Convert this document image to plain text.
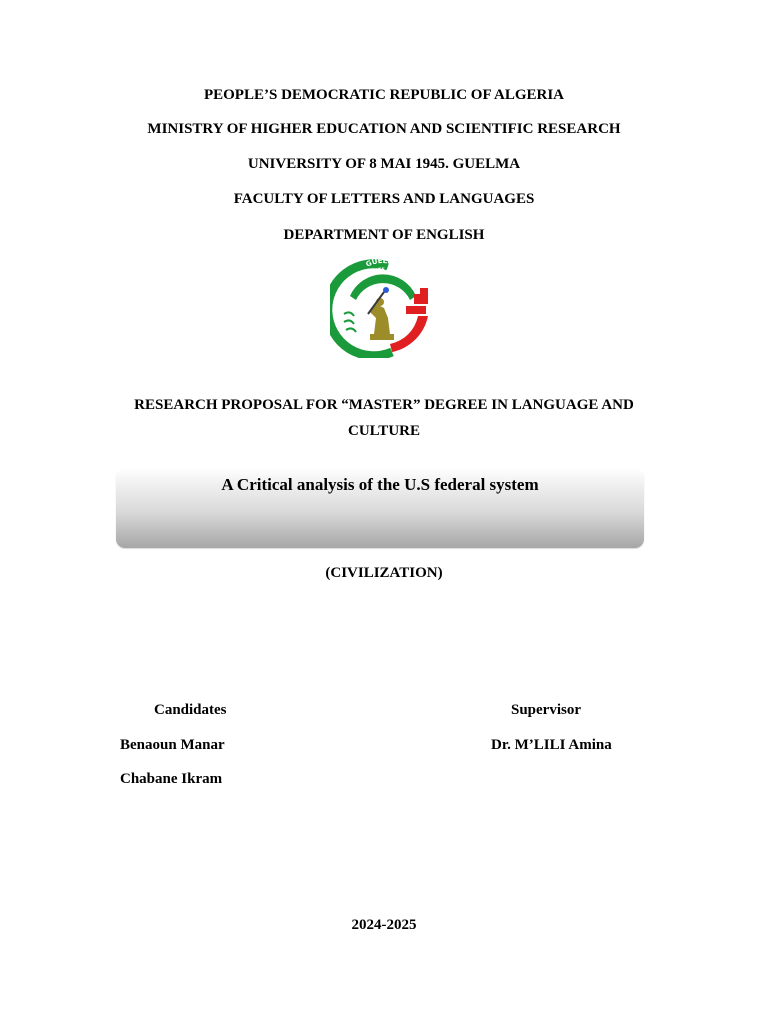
PEOPLE’S DEMOCRATIC REPUBLIC OF ALGERIA
MINISTRY OF HIGHER EDUCATION AND SCIENTIFIC RESEARCH
UNIVERSITY OF 8 MAI 1945. GUELMA
FACULTY OF LETTERS AND LANGUAGES
DEPARTMENT OF ENGLISH
GUELMA
UNIVERSITE 08 MAI 45
RESEARCH PROPOSAL FOR “MASTER” DEGREE IN LANGUAGE AND CULTURE
A Critical analysis of the U.S federal system
(CIVILIZATION)
Candidates
Benaoun Manar
Chabane Ikram
Supervisor
Dr. M’LILI Amina
2024-2025
